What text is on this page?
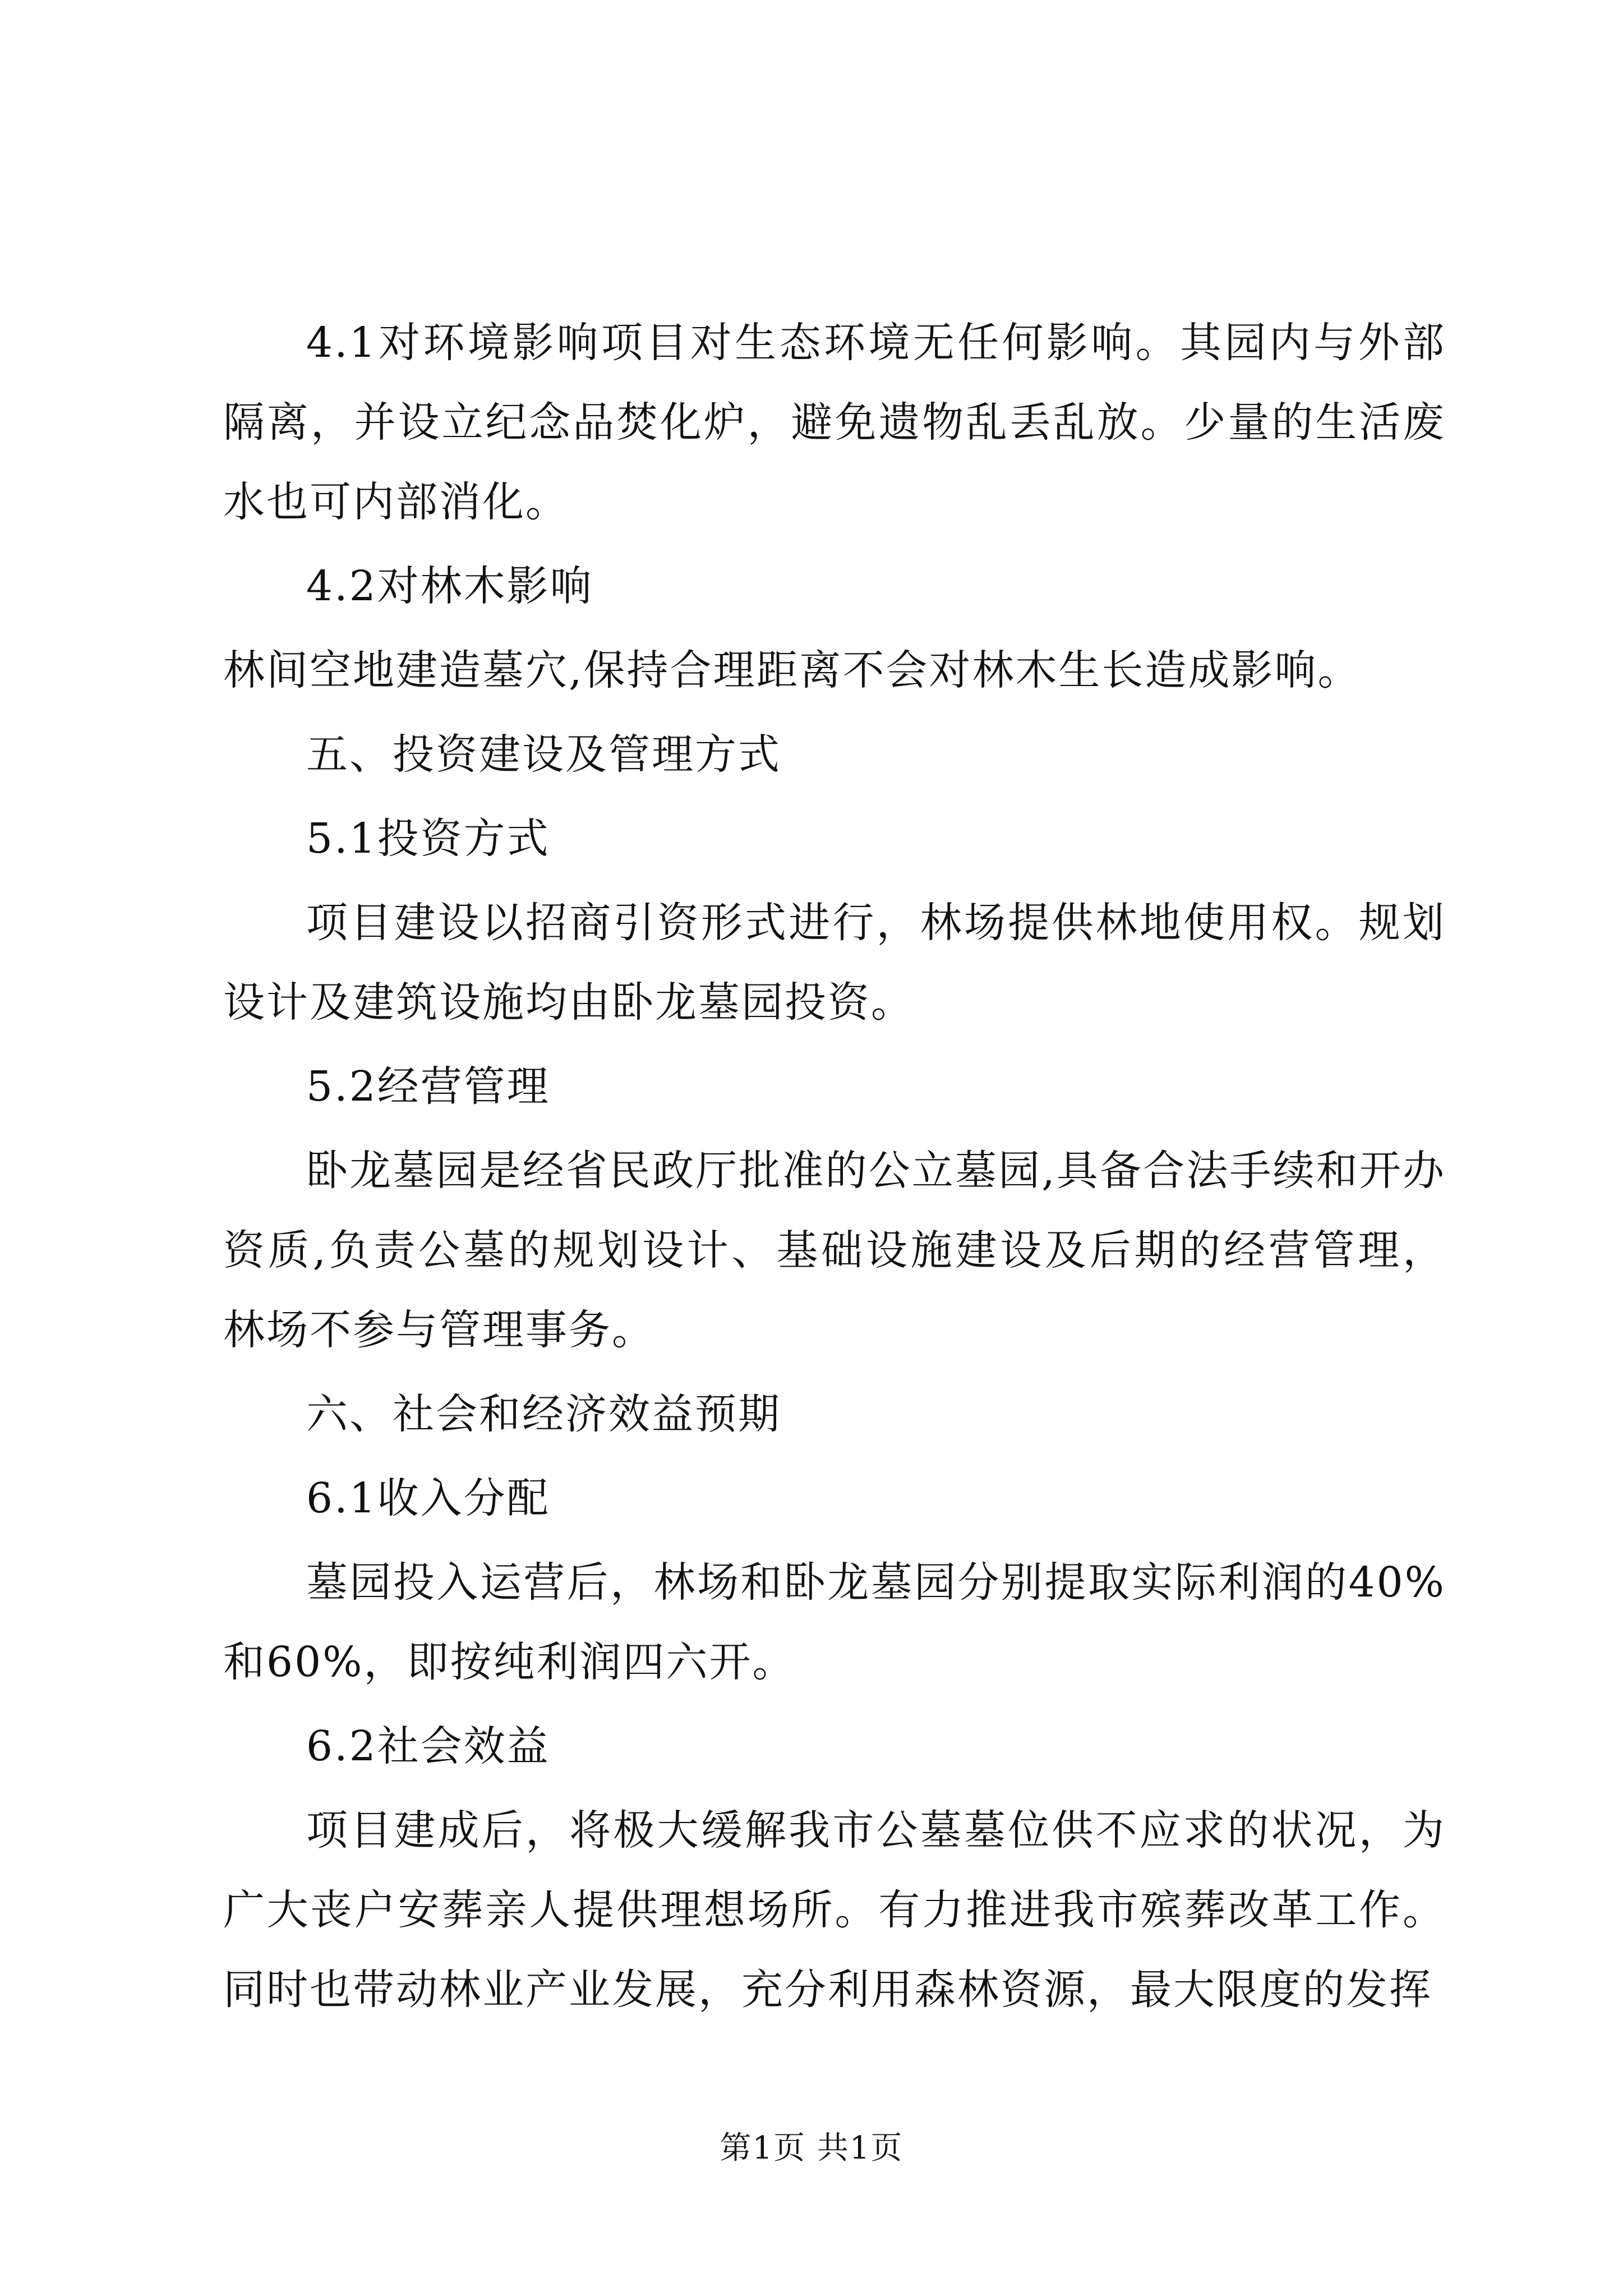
4.1对环境影响项目对生态环境无任何影响。其园内与外部隔离，并设立纪念品焚化炉，避免遗物乱丢乱放。少量的生活废水也可内部消化。

4.2对林木影响

林间空地建造墓穴,保持合理距离不会对林木生长造成影响。

五、投资建设及管理方式

5.1投资方式

项目建设以招商引资形式进行，林场提供林地使用权。规划设计及建筑设施均由卧龙墓园投资。

5.2经营管理

卧龙墓园是经省民政厅批准的公立墓园,具备合法手续和开办资质,负责公墓的规划设计、基础设施建设及后期的经营管理，林场不参与管理事务。

六、社会和经济效益预期

6.1收入分配

墓园投入运营后，林场和卧龙墓园分别提取实际利润的40%和60%，即按纯利润四六开。

6.2社会效益

项目建成后，将极大缓解我市公墓墓位供不应求的状况，为广大丧户安葬亲人提供理想场所。有力推进我市殡葬改革工作。同时也带动林业产业发展，充分利用森林资源，最大限度的发挥

第1页 共1页
